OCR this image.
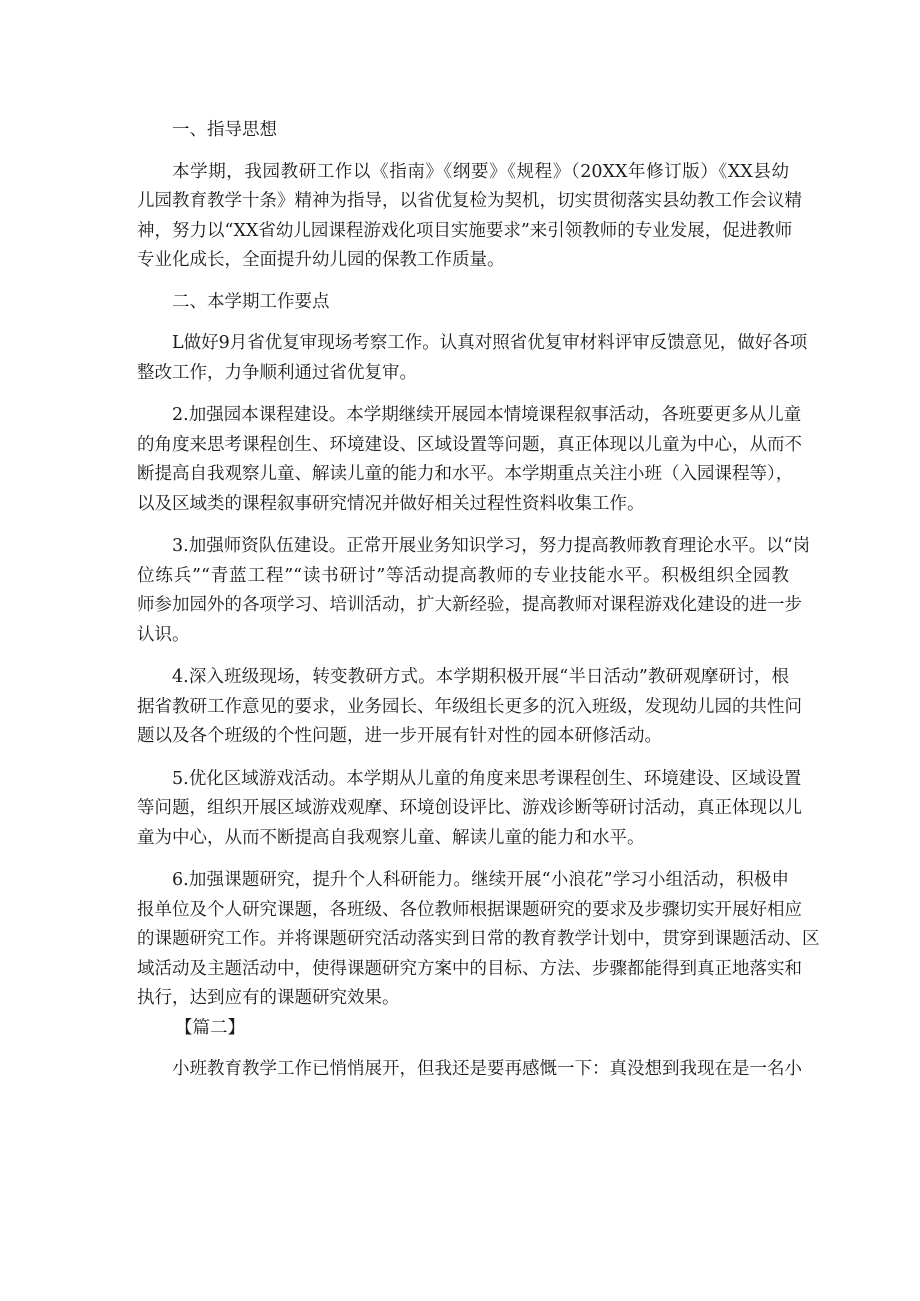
一、指导思想
本学期，我园教研工作以《指南》《纲要》《规程》（20XX年修订版）《XX县幼
儿园教育教学十条》精神为指导，以省优复检为契机，切实贯彻落实县幼教工作会议精
神，努力以“XX省幼儿园课程游戏化项目实施要求”来引领教师的专业发展，促进教师
专业化成长，全面提升幼儿园的保教工作质量。
二、本学期工作要点
L做好9月省优复审现场考察工作。认真对照省优复审材料评审反馈意见，做好各项
整改工作，力争顺利通过省优复审。
2.加强园本课程建设。本学期继续开展园本情境课程叙事活动，各班要更多从儿童
的角度来思考课程创生、环境建设、区域设置等问题，真正体现以儿童为中心，从而不
断提高自我观察儿童、解读儿童的能力和水平。本学期重点关注小班（入园课程等），
以及区域类的课程叙事研究情况并做好相关过程性资料收集工作。
3.加强师资队伍建设。正常开展业务知识学习，努力提高教师教育理论水平。以“岗
位练兵”“青蓝工程”“读书研讨”等活动提高教师的专业技能水平。积极组织全园教
师参加园外的各项学习、培训活动，扩大新经验，提高教师对课程游戏化建设的进一步
认识。
4.深入班级现场，转变教研方式。本学期积极开展“半日活动”教研观摩研讨，根
据省教研工作意见的要求，业务园长、年级组长更多的沉入班级，发现幼儿园的共性问
题以及各个班级的个性问题，进一步开展有针对性的园本研修活动。
5.优化区域游戏活动。本学期从儿童的角度来思考课程创生、环境建设、区域设置
等问题，组织开展区域游戏观摩、环境创设评比、游戏诊断等研讨活动，真正体现以儿
童为中心，从而不断提高自我观察儿童、解读儿童的能力和水平。
6.加强课题研究，提升个人科研能力。继续开展“小浪花”学习小组活动，积极申
报单位及个人研究课题，各班级、各位教师根据课题研究的要求及步骤切实开展好相应
的课题研究工作。并将课题研究活动落实到日常的教育教学计划中，贯穿到课题活动、区
域活动及主题活动中，使得课题研究方案中的目标、方法、步骤都能得到真正地落实和
执行，达到应有的课题研究效果。
【篇二】
小班教育教学工作已悄悄展开，但我还是要再感慨一下：真没想到我现在是一名小
